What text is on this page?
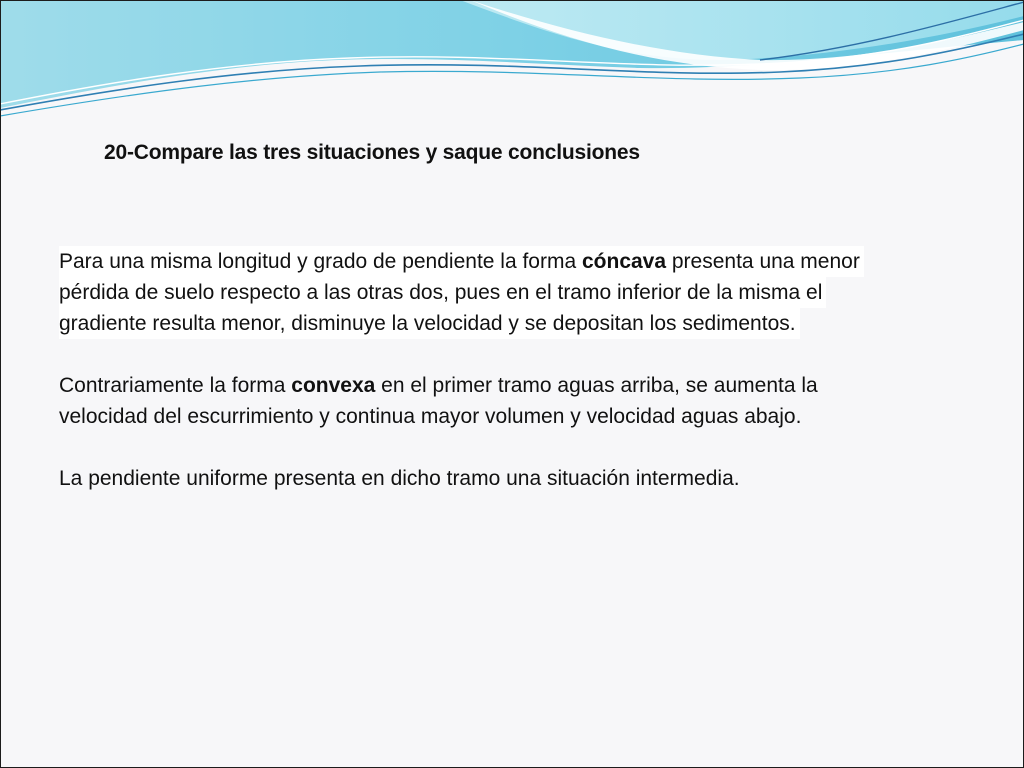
20-Compare las tres situaciones y saque conclusiones
Para una misma longitud y grado de pendiente la forma cóncava presenta una menor
pérdida de suelo respecto a las otras dos, pues en el tramo inferior de la misma el
gradiente resulta menor, disminuye la velocidad y se depositan los sedimentos.
Contrariamente la forma convexa en el primer tramo aguas arriba, se aumenta la
velocidad del escurrimiento y continua mayor volumen y velocidad aguas abajo.
La pendiente uniforme presenta en dicho tramo una situación intermedia.
